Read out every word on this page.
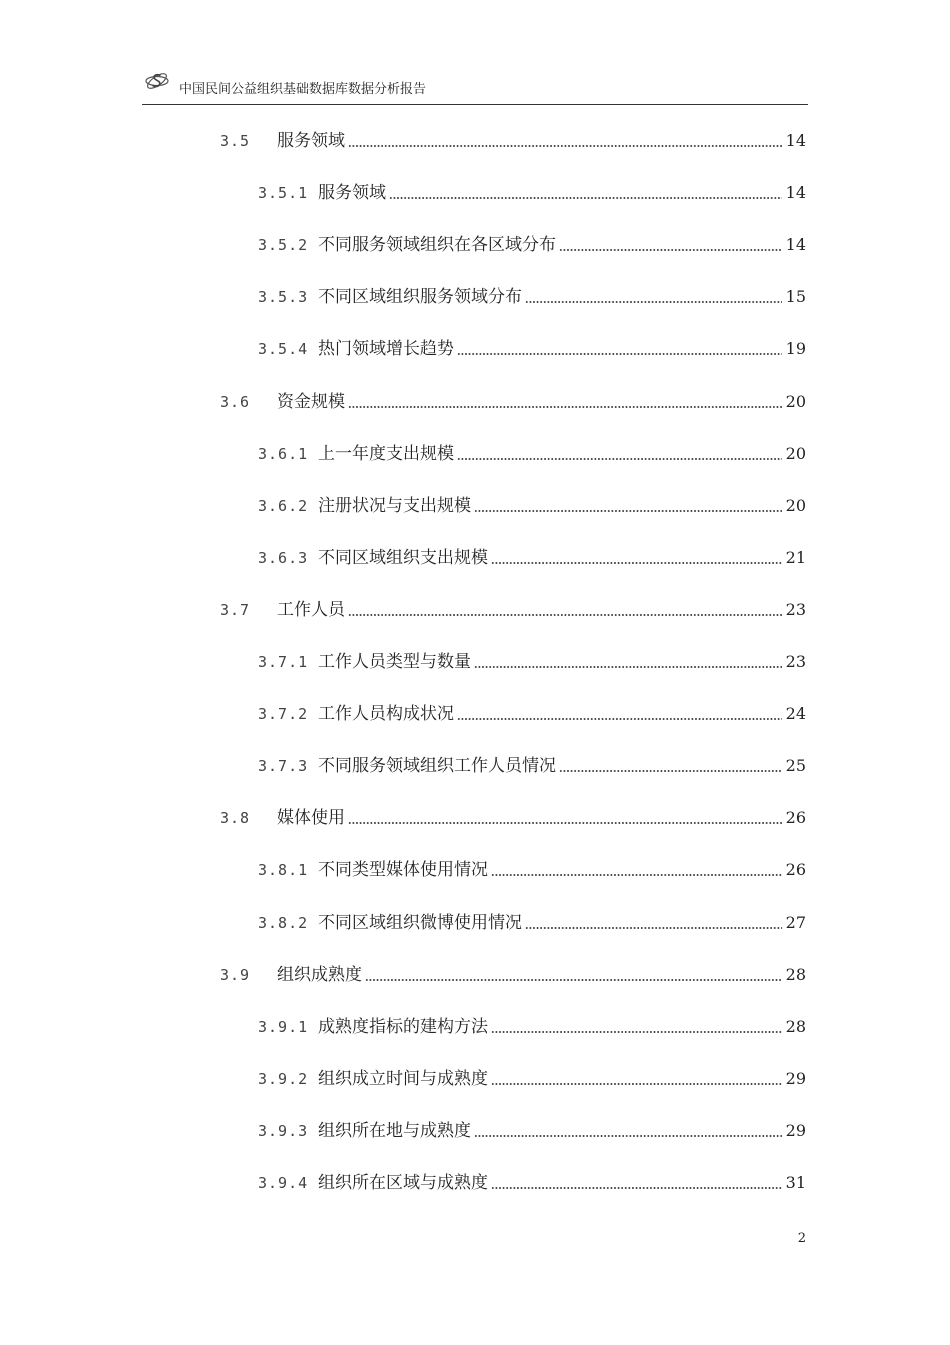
中国民间公益组织基础数据库数据分析报告
3.5	服务领域	14
3.5.1 服务领域	14
3.5.2 不同服务领域组织在各区域分布	14
3.5.3 不同区域组织服务领域分布	15
3.5.4 热门领域增长趋势	19
3.6	资金规模	20
3.6.1 上一年度支出规模	20
3.6.2 注册状况与支出规模	20
3.6.3 不同区域组织支出规模	21
3.7	工作人员	23
3.7.1 工作人员类型与数量	23
3.7.2 工作人员构成状况	24
3.7.3 不同服务领域组织工作人员情况	25
3.8	媒体使用	26
3.8.1 不同类型媒体使用情况	26
3.8.2 不同区域组织微博使用情况	27
3.9	组织成熟度	28
3.9.1 成熟度指标的建构方法	28
3.9.2 组织成立时间与成熟度	29
3.9.3 组织所在地与成熟度	29
3.9.4 组织所在区域与成熟度	31
2
